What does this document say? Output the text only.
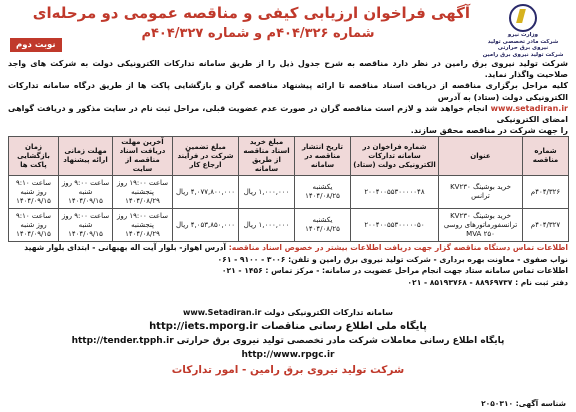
وزارت نیرو
شرکت مادر تخصصی تولید
نیروی برق حرارتی
شرکت تولید نیروی برق رامین
آگهی فراخوان ارزیابی کیفی و مناقصه عمومی دو مرحله‌ای
شماره ۴۰۴/۳۲۶م و شماره ۴۰۴/۳۲۷م
نوبت دوم

شرکت تولید نیروی برق رامین در نظر دارد مناقصه به شرح جدول ذیل را از طریق سامانه تدارکات الکترونیکی دولت به شرکت های واجد صلاحیت واگذار نماید.

کلیه مراحل برگزاری مناقصه از دریافت اسناد مناقصه تا ارائه پیشنهاد مناقصه گران و بازگشایی پاکت ها از طریق درگاه سامانه تدارکات الکترونیکی دولت (ستاد) به آدرس

www.setadiran.ir انجام خواهد شد و لازم است مناقصه گران در صورت عدم عضویت قبلی، مراحل ثبت نام در سایت مذکور و دریافت گواهی امضای الکترونیکی

را جهت شرکت در مناقصه محقق سازند.

شماره مناقصه	عنوان	شماره فراخوان در سامانه تدارکات الکترونیکی دولت (ستاد)	تاریخ انتشار مناقصه در سامانه	مبلغ خرید اسناد مناقصه از طریق سامانه	مبلغ تضمین شرکت در فرآیند ارجاع کار	آخرین مهلت دریافت اسناد مناقصه از سایت	مهلت زمانی ارائه پیشنهاد	زمان بازگشایی پاکت ها
۴۰۴/۳۲۶م	خرید بوشینگ KV۲۳۰ ترانس	۲۰۰۴۰۰۵۵۳۰۰۰۰۰۴۸	یکشنبه ۱۴۰۴/۰۸/۲۵	۱,۰۰۰,۰۰۰ ریال	۴,۰۷۷,۸۰۰,۰۰۰ ریال	ساعت ۱۹:۰۰ روز پنجشنبه ۱۴۰۴/۰۸/۲۹	ساعت ۹:۰۰ روز شنبه ۱۴۰۴/۰۹/۱۵	ساعت ۹:۱۰ روز شنبه ۱۴۰۴/۰۹/۱۵
۴۰۴/۳۲۷م	خرید بوشینگ KV۲۳۰ ترانسفورماتورهای روسی ۲۵۰ MVA	۲۰۰۴۰۰۵۵۳۰۰۰۰۰۵۰	یکشنبه ۱۴۰۴/۰۸/۲۵	۱,۰۰۰,۰۰۰ ریال	۴,۰۵۳,۸۵۰,۰۰۰ ریال	ساعت ۱۹:۰۰ روز پنجشنبه ۱۴۰۴/۰۸/۲۹	ساعت ۹:۰۰ روز شنبه ۱۴۰۴/۰۹/۱۵	ساعت ۹:۱۰ روز شنبه ۱۴۰۴/۰۹/۱۵

اطلاعات تماس دستگاه مناقصه گزار جهت دریافت اطلاعات بیشتر در خصوص اسناد مناقصه: آدرس اهواز- بلوار آیت اله بهبهانی - ابتدای بلوار شهید

نواب صفوی - معاونت بهره برداری - شرکت تولید نیروی برق رامین و تلفن: ۳۰۰۶ - ۹۱۰۰ - ۰۶۱

اطلاعات تماس سامانه ستاد جهت انجام مراحل عضویت در سامانه: - مرکز تماس : ۱۴۵۶ - ۰۲۱

دفتر ثبت نام : ۸۸۹۶۹۷۳۷ - ۸۵۱۹۳۷۶۸ - ۰۲۱

سامانه تدارکات الکترونیکی دولت www.Setadiran.ir
پایگاه ملی اطلاع رسانی مناقصات http://iets.mporg.ir
پایگاه اطلاع رسانی معاملات شرکت مادر تخصصی تولید نیروی برق حرارتی http://tender.tpph.ir
http://www.rpgc.ir
شرکت تولید نیروی برق رامین - امور تدارکات
شناسه آگهی: ۲۰۵۰۳۱۰
